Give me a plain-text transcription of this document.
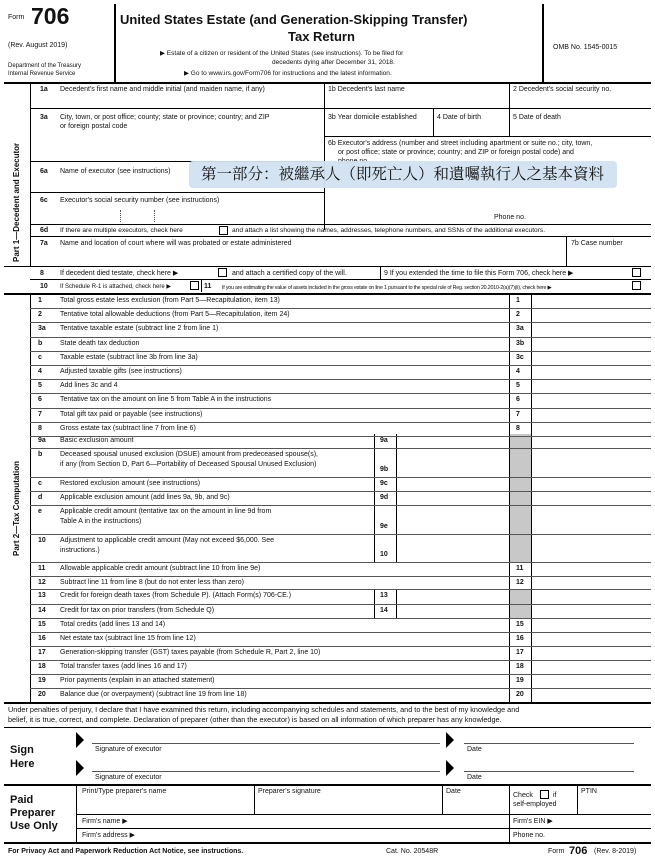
Form 706
(Rev. August 2019)
Department of the Treasury
Internal Revenue Service
United States Estate (and Generation-Skipping Transfer)
Tax Return
▶ Estate of a citizen or resident of the United States (see instructions). To be filed for
decedents dying after December 31, 2018.
▶ Go to www.irs.gov/Form706 for instructions and the latest information.
OMB No. 1545-0015
Part 1—Decedent and Executor
1a Decedent's first name and middle initial (and maiden name, if any)	1b Decedent's last name	2 Decedent's social security no.
3a City, town, or post office; county; state or province; country; and ZIP
or foreign postal code
3b Year domicile established	4 Date of birth	5 Date of death
6b Executor's address (number and street including apartment or suite no.; city, town,
or post office; state or province; country; and ZIP or foreign postal code) and
6a Name of executor (see instructions)
6c Executor's social security number (see instructions)
Phone no.
6d If there are multiple executors, check here	and attach a list showing the names, addresses, telephone numbers, and SSNs of the additional executors.
7a Name and location of court where will was probated or estate administered	7b Case number
8 If decedent died testate, check here ▶	and attach a certified copy of the will.	9 If you extended the time to file this Form 706, check here ▶
10 If Schedule R-1 is attached, check here ▶	11 If you are estimating the value of assets included in the gross estate on line 1 pursuant to the special rule of Reg. section 20.2010-2(a)(7)(ii), check here ▶
第一部分：被繼承人（即死亡人）和遺囑執行人之基本資料
Part 2—Tax Computation
1	Total gross estate less exclusion (from Part 5—Recapitulation, item 13)	1
2	Tentative total allowable deductions (from Part 5—Recapitulation, item 24)	2
3a Tentative taxable estate (subtract line 2 from line 1)	3a
b	State death tax deduction	3b
c	Taxable estate (subtract line 3b from line 3a)	3c
4	Adjusted taxable gifts (see instructions)	4
5	Add lines 3c and 4	5
6	Tentative tax on the amount on line 5 from Table A in the instructions	6
7	Total gift tax paid or payable (see instructions)	7
8	Gross estate tax (subtract line 7 from line 6)	8
9a Basic exclusion amount	9a
b	Deceased spousal unused exclusion (DSUE) amount from predeceased spouse(s),
if any (from Section D, Part 6—Portability of Deceased Spousal Unused Exclusion)
9b
c	Restored exclusion amount (see instructions)	9c
d	Applicable exclusion amount (add lines 9a, 9b, and 9c)	9d
e	Applicable credit amount (tentative tax on the amount in line 9d from
Table A in the instructions)
9e
10 Adjustment to applicable credit amount (May not exceed $6,000. See
instructions.)
10
11 Allowable applicable credit amount (subtract line 10 from line 9e)	11
12 Subtract line 11 from line 8 (but do not enter less than zero)	12
13 Credit for foreign death taxes (from Schedule P). (Attach Form(s) 706-CE.)	13
14 Credit for tax on prior transfers (from Schedule Q)	14
15 Total credits (add lines 13 and 14)	15
16 Net estate tax (subtract line 15 from line 12)	16
17 Generation-skipping transfer (GST) taxes payable (from Schedule R, Part 2, line 10)	17
18 Total transfer taxes (add lines 16 and 17)	18
19 Prior payments (explain in an attached statement)	19
20 Balance due (or overpayment) (subtract line 19 from line 18)	20
Under penalties of perjury, I declare that I have examined this return, including accompanying schedules and statements, and to the best of my knowledge and
belief, it is true, correct, and complete. Declaration of preparer (other than the executor) is based on all information of which preparer has any knowledge.
Sign
Here
Signature of executor	Date
Signature of executor	Date
Paid
Preparer
Use Only
Print/Type preparer's name	Preparer's signature	Date
Check	if
self-employed
PTIN
Firm's name ▶	Firm's EIN ▶
Firm's address ▶	Phone no.
For Privacy Act and Paperwork Reduction Act Notice, see instructions.	Cat. No. 20548R	Form 706 (Rev. 8-2019)
